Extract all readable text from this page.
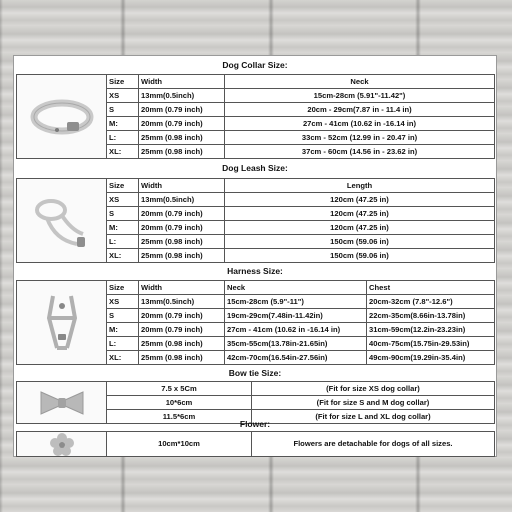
Dog Collar Size:
	Size	Width	Neck
	XS	13mm(0.5inch)	15cm-28cm (5.91"-11.42")
	S	20mm (0.79 inch)	20cm - 29cm(7.87 in - 11.4 in)
	M:	20mm (0.79 inch)	27cm - 41cm (10.62 in -16.14 in)
	L:	25mm (0.98 inch)	33cm - 52cm (12.99 in - 20.47 in)
	XL:	25mm (0.98 inch)	37cm - 60cm (14.56 in - 23.62 in)
Dog Leash Size:
	Size	Width	Length
	XS	13mm(0.5inch)	120cm (47.25 in)
	S	20mm (0.79 inch)	120cm (47.25 in)
	M:	20mm (0.79 inch)	120cm (47.25 in)
	L:	25mm (0.98 inch)	150cm (59.06 in)
	XL:	25mm (0.98 inch)	150cm (59.06 in)
Harness Size:
	Size	Width	Neck	Chest
	XS	13mm(0.5inch)	15cm-28cm (5.9"-11")	20cm-32cm (7.8"-12.6")
	S	20mm (0.79 inch)	19cm-29cm(7.48in-11.42in)	22cm-35cm(8.66in-13.78in)
	M:	20mm (0.79 inch)	27cm - 41cm (10.62 in -16.14 in)	31cm-59cm(12.2in-23.23in)
	L:	25mm (0.98 inch)	35cm-55cm(13.78in-21.65in)	40cm-75cm(15.75in-29.53in)
	XL:	25mm (0.98 inch)	42cm-70cm(16.54in-27.56in)	49cm-90cm(19.29in-35.4in)
Bow tie Size:
	7.5 x 5Cm	(Fit for size XS dog collar)
	10*6cm	(Fit for size S and M dog collar)
	11.5*6cm	(Fit for size L and XL dog collar)
Flower:
	10cm*10cm	Flowers are detachable for dogs of all sizes.
